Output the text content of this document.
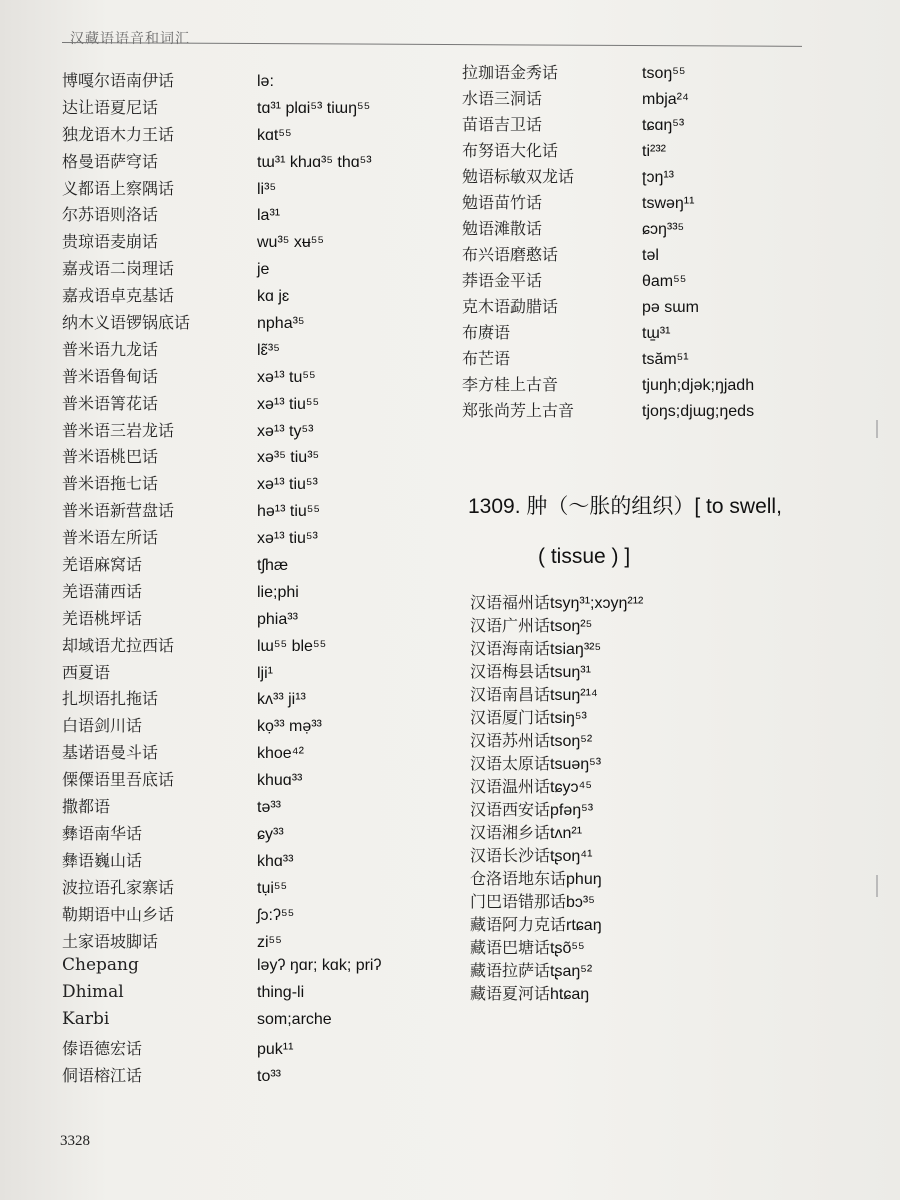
汉藏语语音和词汇
博嘎尔语南伊话	lə:
达让语夏尼话	tɑ³¹ plɑi⁵³ tiɯŋ⁵⁵
独龙语木力王话	kɑt⁵⁵
格曼语萨穹话	tɯ³¹ khɹɑ³⁵ thɑ⁵³
义都语上察隅话	li³⁵
尔苏语则洛话	la³¹
贵琼语麦崩话	wu³⁵ xʉ⁵⁵
嘉戎语二岗理话	je
嘉戎语卓克基话	kɑ jɛ
纳木义语锣锅底话	npha³⁵
普米语九龙话	lɛ̃³⁵
普米语鲁甸话	xə¹³ tu⁵⁵
普米语箐花话	xə¹³ tiu⁵⁵
普米语三岩龙话	xə¹³ ty⁵³
普米语桃巴话	xə³⁵ tiu³⁵
普米语拖七话	xə¹³ tiu⁵³
普米语新营盘话	hə¹³ tiu⁵⁵
普米语左所话	xə¹³ tiu⁵³
羌语麻窝话	tʃhæ
羌语蒲西话	lie;phi
羌语桃坪话	phia³³
却域语尤拉西话	lɯ⁵⁵ ble⁵⁵
西夏语	lji¹
扎坝语扎拖话	kʌ³³ ji¹³
白语剑川话	kọ³³ mə̣³³
基诺语曼斗话	khoe⁴²
傈僳语里吾底话	khuɑ³³
撒都语	tə³³
彝语南华话	ɕy³³
彝语巍山话	khɑ³³
波拉语孔家寨话	tụi⁵⁵
勒期语中山乡话	ʃɔ:ʔ⁵⁵
土家语坡脚话	zi⁵⁵
Chepang	ləyʔ ŋɑr; kɑk; priʔ
Dhimal	thing-li
Karbi	som;arche
傣语德宏话	puk¹¹
侗语榕江话	to³³
拉珈语金秀话	tsoŋ⁵⁵
水语三洞话	mbja²⁴
苗语吉卫话	tɕɑŋ⁵³
布努语大化话	ti²³²
勉语标敏双龙话	ʈɔŋ¹³
勉语苗竹话	tswəŋ¹¹
勉语滩散话	ɕɔŋ³³⁵
布兴语磨憨话	təl
莽语金平话	θam⁵⁵
克木语勐腊话	pə sɯm
布赓语	tɯ̠³¹
布芒语	tsăm⁵¹
李方桂上古音	tjuŋh;djək;ŋjadh
郑张尚芳上古音	tjoŋs;djɯg;ŋeds
1309. 肿（～胀的组织）[ to swell,
( tissue ) ]
汉语福州话 tsyŋ³¹;xɔyŋ²¹²
汉语广州话 tsoŋ²⁵
汉语海南话 tsiaŋ³²⁵
汉语梅县话 tsuŋ³¹
汉语南昌话 tsuŋ²¹⁴
汉语厦门话 tsiŋ⁵³
汉语苏州话 tsoŋ⁵²
汉语太原话 tsuəŋ⁵³
汉语温州话 tɕyɔ⁴⁵
汉语西安话 pfəŋ⁵³
汉语湘乡话 tʌn²¹
汉语长沙话 tʂoŋ⁴¹
仓洛语地东话 phuŋ
门巴语错那话 bɔ³⁵
藏语阿力克话 rtɕaŋ
藏语巴塘话 tʂõ⁵⁵
藏语拉萨话 tʂaŋ⁵²
藏语夏河话 htɕaŋ
3328
